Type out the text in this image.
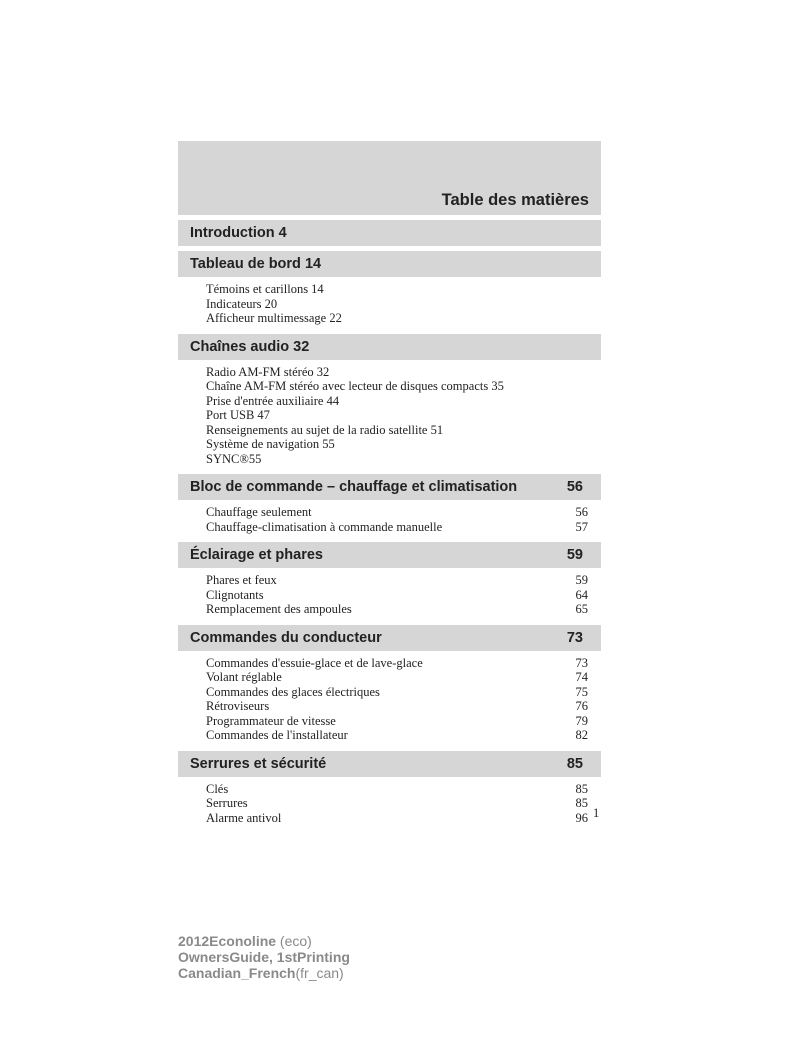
Table des matières
Introduction 4
Tableau de bord 14
Témoins et carillons 14
Indicateurs 20
Afficheur multimessage 22
Chaînes audio 32
Radio AM-FM stéréo 32
Chaîne AM-FM stéréo avec lecteur de disques compacts 35
Prise d'entrée auxiliaire 44
Port USB 47
Renseignements au sujet de la radio satellite 51
Système de navigation 55
SYNC®55
Bloc de commande – chauffage et climatisation	56
Chauffage seulement	56
Chauffage-climatisation à commande manuelle	57
Éclairage et phares	59
Phares et feux	59
Clignotants	64
Remplacement des ampoules	65
Commandes du conducteur	73
Commandes d'essuie-glace et de lave-glace	73
Volant réglable	74
Commandes des glaces électriques	75
Rétroviseurs	76
Programmateur de vitesse	79
Commandes de l'installateur	82
Serrures et sécurité	85
Clés	85
Serrures	85
Alarme antivol	96 1
2012Econoline (eco)
OwnersGuide, 1stPrinting
Canadian_French(fr_can)
